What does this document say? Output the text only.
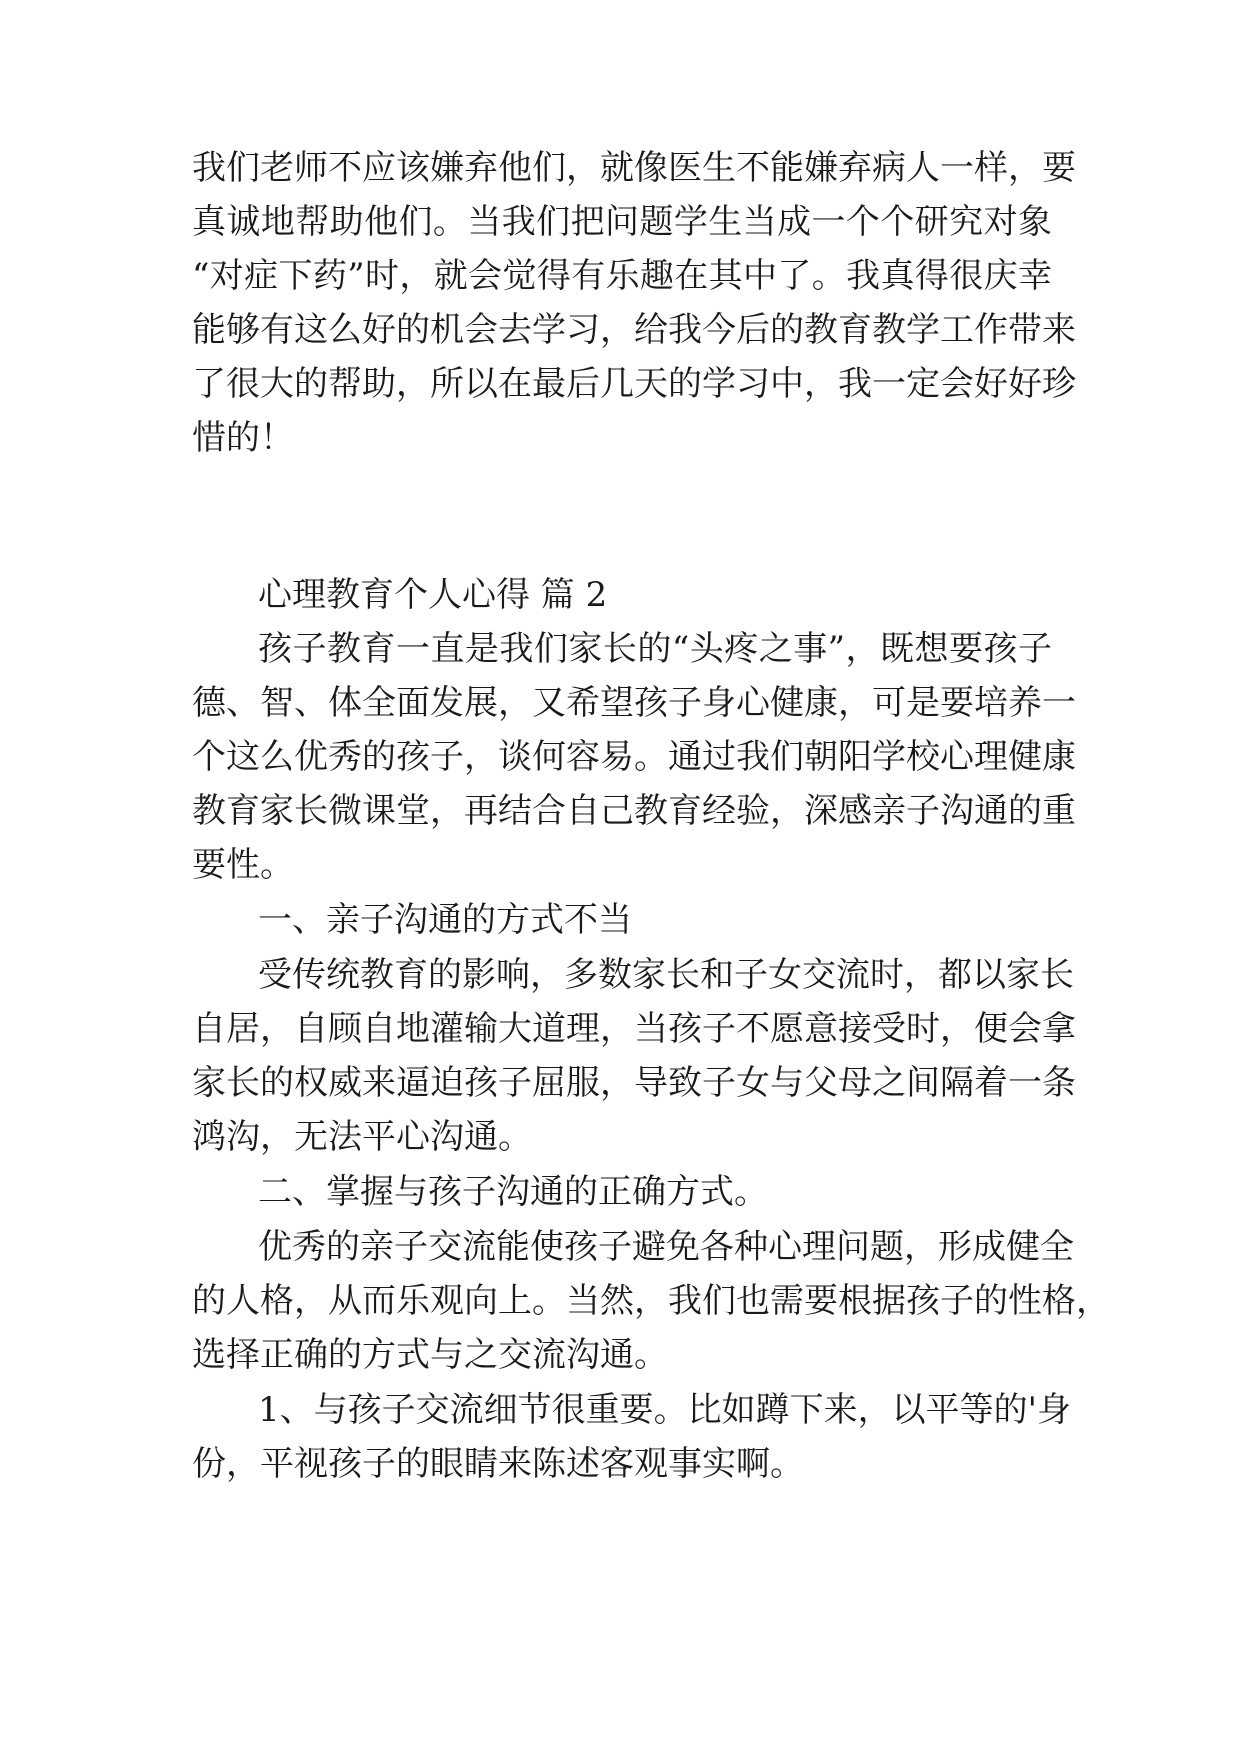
我们老师不应该嫌弃他们，就像医生不能嫌弃病人一样，要
真诚地帮助他们。当我们把问题学生当成一个个研究对象
“对症下药”时，就会觉得有乐趣在其中了。我真得很庆幸
能够有这么好的机会去学习，给我今后的教育教学工作带来
了很大的帮助，所以在最后几天的学习中，我一定会好好珍
惜的！
心理教育个人心得 篇 2
孩子教育一直是我们家长的“头疼之事”，既想要孩子
德、智、体全面发展，又希望孩子身心健康，可是要培养一
个这么优秀的孩子，谈何容易。通过我们朝阳学校心理健康
教育家长微课堂，再结合自己教育经验，深感亲子沟通的重
要性。
一、亲子沟通的方式不当
受传统教育的影响，多数家长和子女交流时，都以家长
自居，自顾自地灌输大道理，当孩子不愿意接受时，便会拿
家长的权威来逼迫孩子屈服，导致子女与父母之间隔着一条
鸿沟，无法平心沟通。
二、掌握与孩子沟通的正确方式。
优秀的亲子交流能使孩子避免各种心理问题，形成健全
的人格，从而乐观向上。当然，我们也需要根据孩子的性格，
选择正确的方式与之交流沟通。
1、与孩子交流细节很重要。比如蹲下来，以平等的'身
份，平视孩子的眼睛来陈述客观事实啊。
